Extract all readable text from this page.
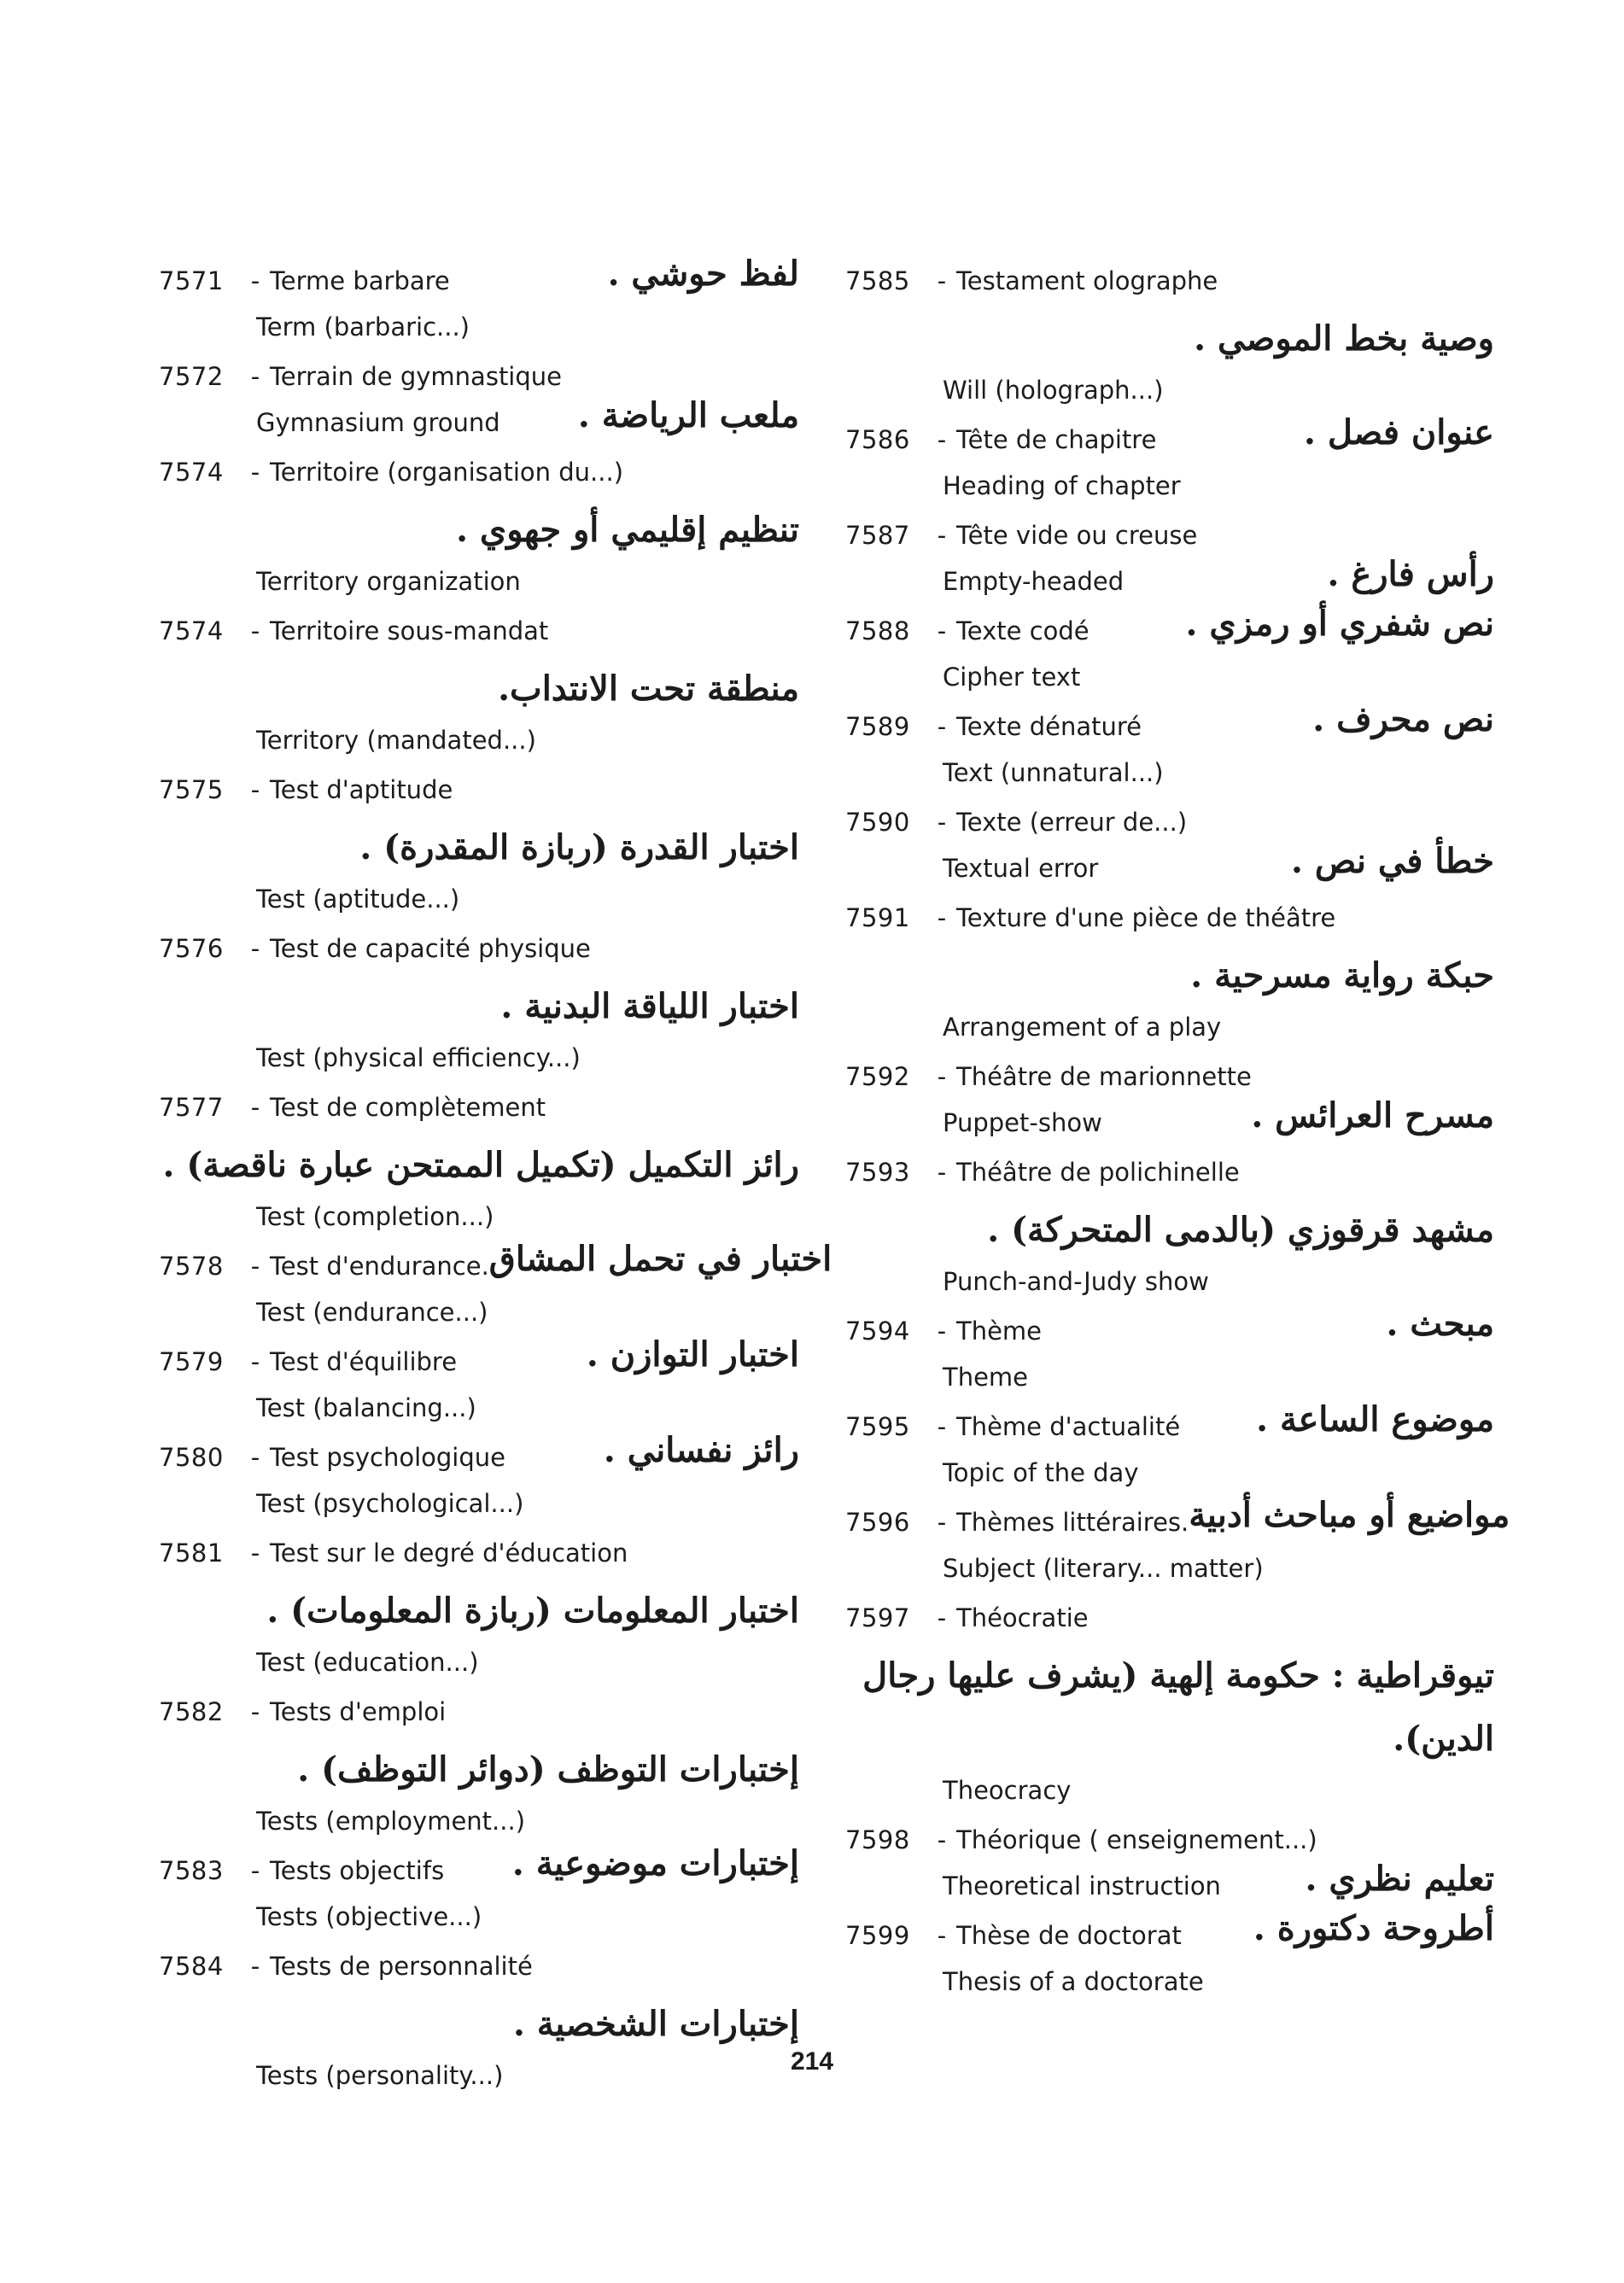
7571	- Terme barbare	لفظ حوشي .
Term (barbaric...)
7572	- Terrain de gymnastique
Gymnasium ground ملعب الرياضة .
7574	- Territoire (organisation du...)
تنظيم إقليمي أو جهوي .
Territory organization
7574	- Territoire sous-mandat
منطقة تحت الانتداب.
Territory (mandated...)
7575	- Test d'aptitude
اختبار القدرة (ربازة المقدرة) .
Test (aptitude...)
7576	- Test de capacité physique
اختبار اللياقة البدنية .
Test (physical efficiency...)
7577	- Test de complètement
رائز التكميل (تكميل الممتحن عبارة ناقصة) .
Test (completion...)
7578	- Test d'endurance. اختبار في تحمل المشاق
Test (endurance...)
7579	- Test d'équilibre	اختبار التوازن .
Test (balancing...)
7580	- Test psychologique	رائز نفساني .
Test (psychological...)
7581	- Test sur le degré d'éducation
اختبار المعلومات (ربازة المعلومات) .
Test (education...)
7582	- Tests d'emploi
إختبارات التوظف (دوائر التوظف) .
Tests (employment...)
7583	- Tests objectifs إختبارات موضوعية .
Tests (objective...)
7584	- Tests de personnalité
إختبارات الشخصية .
Tests (personality...)
7585	- Testament olographe
وصية بخط الموصي .
Will (holograph...)
7586	- Tête de chapitre	عنوان فصل .
Heading of chapter
7587	- Tête vide ou creuse
Empty-headed	رأس فارغ .
7588	- Texte codé	نص شفري أو رمزي .
Cipher text
7589	- Texte dénaturé	نص محرف .
Text (unnatural...)
7590	- Texte (erreur de...)
Textual error	خطأ في نص .
7591	- Texture d'une pièce de théâtre
حبكة رواية مسرحية .
Arrangement of a play
7592	- Théâtre de marionnette
Puppet-show	مسرح العرائس .
7593	- Théâtre de polichinelle
مشهد قرقوزي (بالدمى المتحركة) .
Punch-and-Judy show
7594	- Thème	مبحث .
Theme
7595	- Thème d'actualité موضوع الساعة .
Topic of the day
7596	- Thèmes littéraires. مواضيع أو مباحث أدبية
Subject (literary... matter)
7597	- Théocratie
تيوقراطية : حكومة إلهية (يشرف عليها رجال
الدين).
Theocracy
7598	- Théorique ( enseignement...)
Theoretical instruction تعليم نظري .
7599	- Thèse de doctorat أطروحة دكتورة .
Thesis of a doctorate
214
